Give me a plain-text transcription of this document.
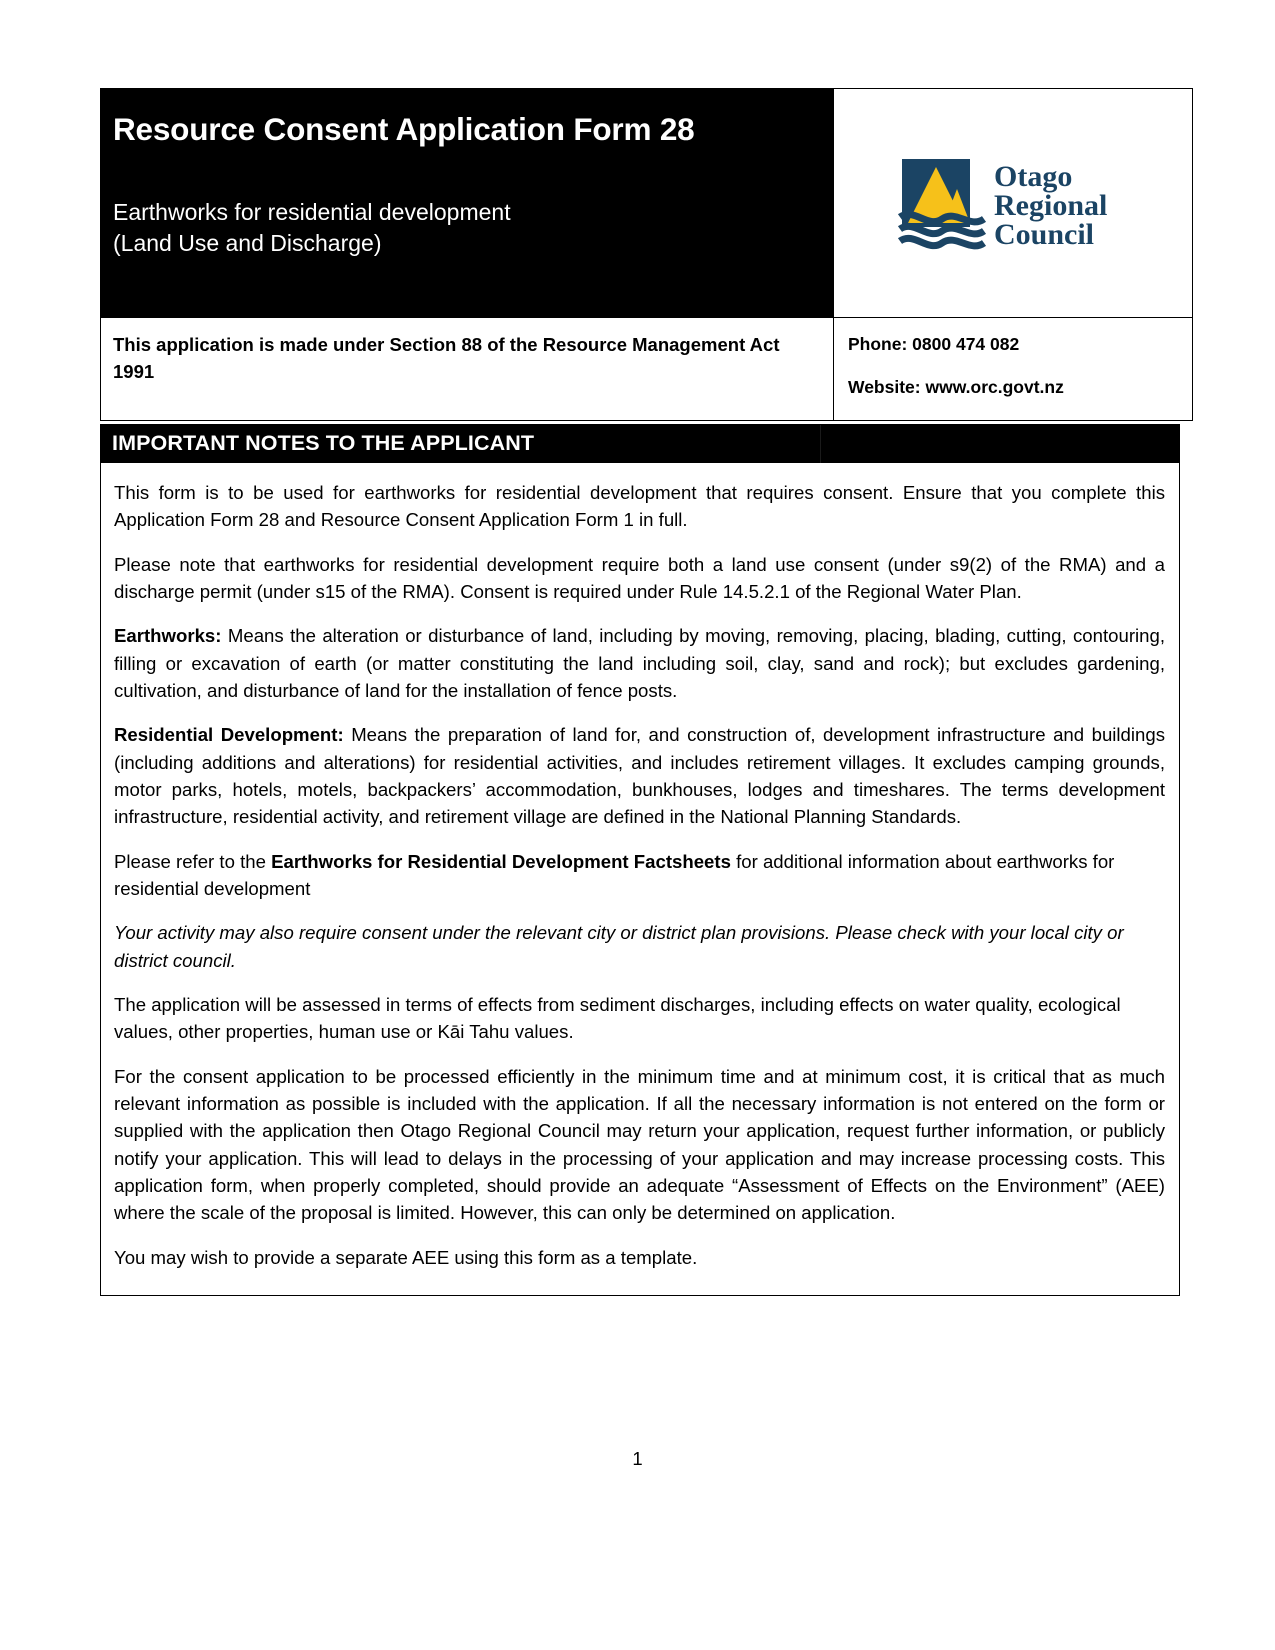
Resource Consent Application Form 28
Earthworks for residential development
(Land Use and Discharge)

Otago
Regional
Council

This application is made under Section 88 of the Resource Management Act 1991	Phone: 0800 474 082
Website: www.orc.govt.nz
IMPORTANT NOTES TO THE APPLICANT

This form is to be used for earthworks for residential development that requires consent. Ensure that you complete this Application Form 28 and Resource Consent Application Form 1 in full.

Please note that earthworks for residential development require both a land use consent (under s9(2) of the RMA) and a discharge permit (under s15 of the RMA). Consent is required under Rule 14.5.2.1 of the Regional Water Plan.

Earthworks: Means the alteration or disturbance of land, including by moving, removing, placing, blading, cutting, contouring, filling or excavation of earth (or matter constituting the land including soil, clay, sand and rock); but excludes gardening, cultivation, and disturbance of land for the installation of fence posts.

Residential Development: Means the preparation of land for, and construction of, development infrastructure and buildings (including additions and alterations) for residential activities, and includes retirement villages. It excludes camping grounds, motor parks, hotels, motels, backpackers’ accommodation, bunkhouses, lodges and timeshares. The terms development infrastructure, residential activity, and retirement village are defined in the National Planning Standards.

Please refer to the Earthworks for Residential Development Factsheets for additional information about earthworks for residential development

Your activity may also require consent under the relevant city or district plan provisions. Please check with your local city or district council.

The application will be assessed in terms of effects from sediment discharges, including effects on water quality, ecological values, other properties, human use or Kāi Tahu values.

For the consent application to be processed efficiently in the minimum time and at minimum cost, it is critical that as much relevant information as possible is included with the application. If all the necessary information is not entered on the form or supplied with the application then Otago Regional Council may return your application, request further information, or publicly notify your application. This will lead to delays in the processing of your application and may increase processing costs. This application form, when properly completed, should provide an adequate “Assessment of Effects on the Environment” (AEE) where the scale of the proposal is limited. However, this can only be determined on application.

You may wish to provide a separate AEE using this form as a template.

1
